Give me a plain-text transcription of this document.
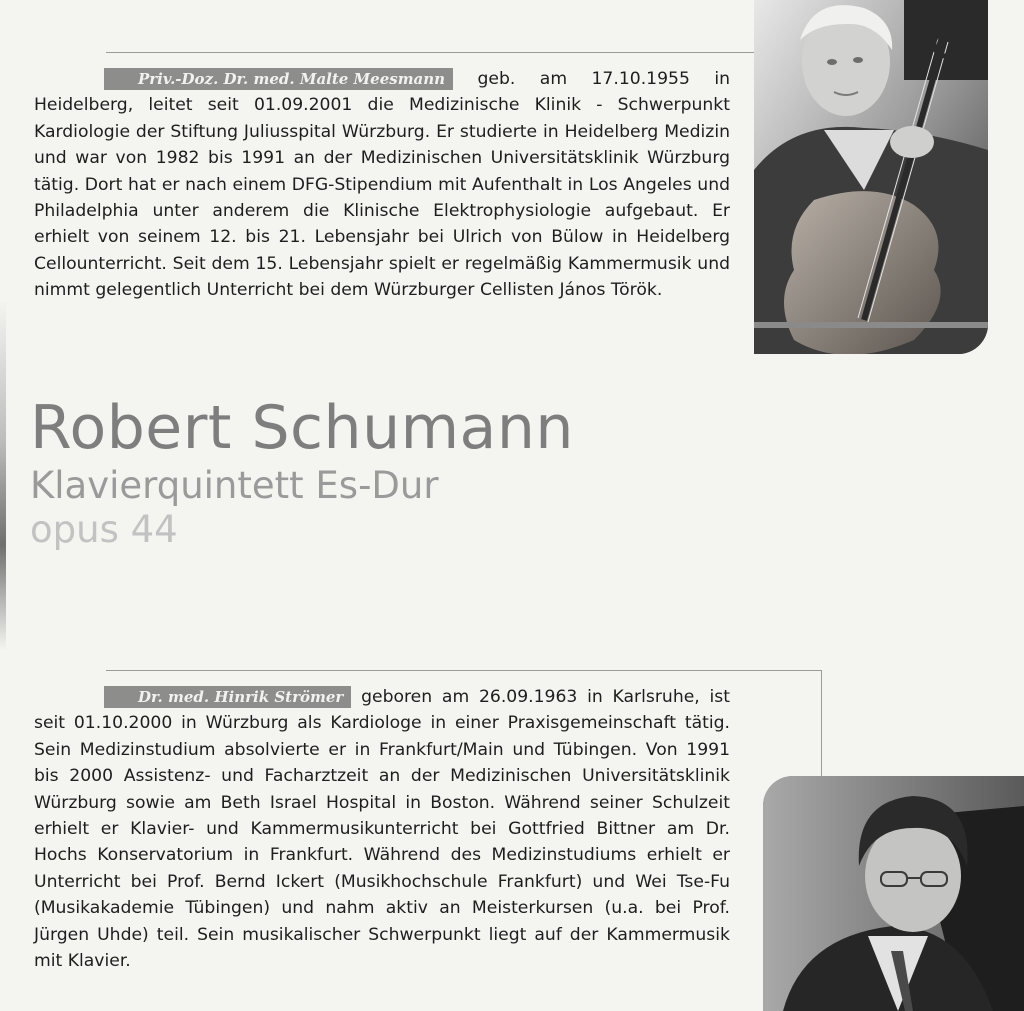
Priv.-Doz. Dr. med. Malte Meesmann geb. am 17.10.1955 in Heidelberg, leitet seit 01.09.2001 die Medizinische Klinik - Schwerpunkt Kardiologie der Stiftung Juliusspital Würzburg. Er studierte in Heidelberg Medizin und war von 1982 bis 1991 an der Medizinischen Universitätsklinik Würzburg tätig. Dort hat er nach einem DFG-Stipendium mit Aufenthalt in Los Angeles und Philadelphia unter anderem die Klinische Elektrophysiologie aufgebaut. Er erhielt von seinem 12. bis 21. Lebensjahr bei Ulrich von Bülow in Heidelberg Cellounterricht. Seit dem 15. Lebensjahr spielt er regelmäßig Kammermusik und nimmt gelegentlich Unterricht bei dem Würzburger Cellisten János Török.
Robert Schumann
Klavierquintett Es-Dur
opus 44
Dr. med. Hinrik Strömer geboren am 26.09.1963 in Karlsruhe, ist seit 01.10.2000 in Würzburg als Kardiologe in einer Praxisgemeinschaft tätig. Sein Medizinstudium absolvierte er in Frankfurt/Main und Tübingen. Von 1991 bis 2000 Assistenz- und Facharztzeit an der Medizinischen Universitätsklinik Würzburg sowie am Beth Israel Hospital in Boston. Während seiner Schulzeit erhielt er Klavier- und Kammermusikunterricht bei Gottfried Bittner am Dr. Hochs Konservatorium in Frankfurt. Während des Medizinstudiums erhielt er Unterricht bei Prof. Bernd Ickert (Musikhochschule Frankfurt) und Wei Tse-Fu (Musikakademie Tübingen) und nahm aktiv an Meisterkursen (u.a. bei Prof. Jürgen Uhde) teil. Sein musikalischer Schwerpunkt liegt auf der Kammermusik mit Klavier.
